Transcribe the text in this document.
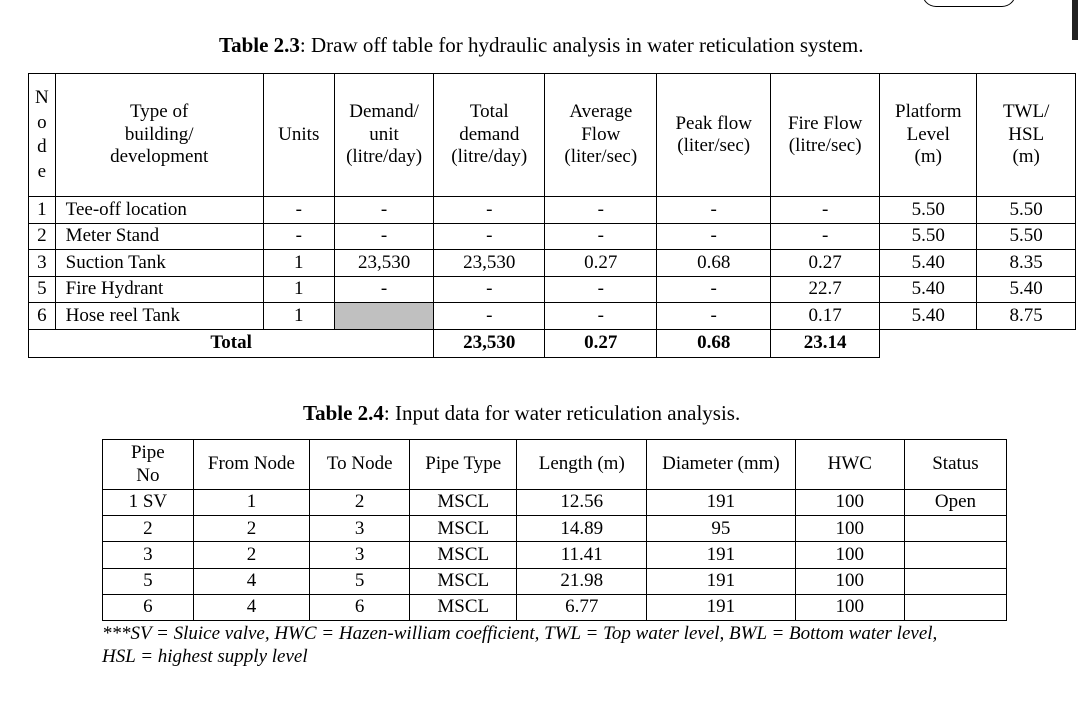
Table 2.3: Draw off table for hydraulic analysis in water reticulation system.
N
o
d
e	Type of
building/
development	Units	Demand/
unit
(litre/day)	Total
demand
(litre/day)	Average
Flow
(liter/sec)	Peak flow
(liter/sec)	Fire Flow
(litre/sec)	Platform
Level
(m)	TWL/
HSL
(m)
1	Tee-off location	-	-	-	-	-	-	5.50	5.50
2	Meter Stand	-	-	-	-	-	-	5.50	5.50
3	Suction Tank	1	23,530	23,530	0.27	0.68	0.27	5.40	8.35
5	Fire Hydrant	1	-	-	-	-	22.7	5.40	5.40
6	Hose reel Tank	1		-	-	-	0.17	5.40	8.75
Total				23,530	0.27	0.68	23.14		
Table 2.4: Input data for water reticulation analysis.
Pipe
No	From Node	To Node	Pipe Type	Length (m)	Diameter (mm)	HWC	Status
1 SV	1	2	MSCL	12.56	191	100	Open
2	2	3	MSCL	14.89	95	100	
3	2	3	MSCL	11.41	191	100	
5	4	5	MSCL	21.98	191	100	
6	4	6	MSCL	6.77	191	100	
***SV = Sluice valve, HWC = Hazen-william coefficient, TWL = Top water level, BWL = Bottom water level,
HSL = highest supply level
